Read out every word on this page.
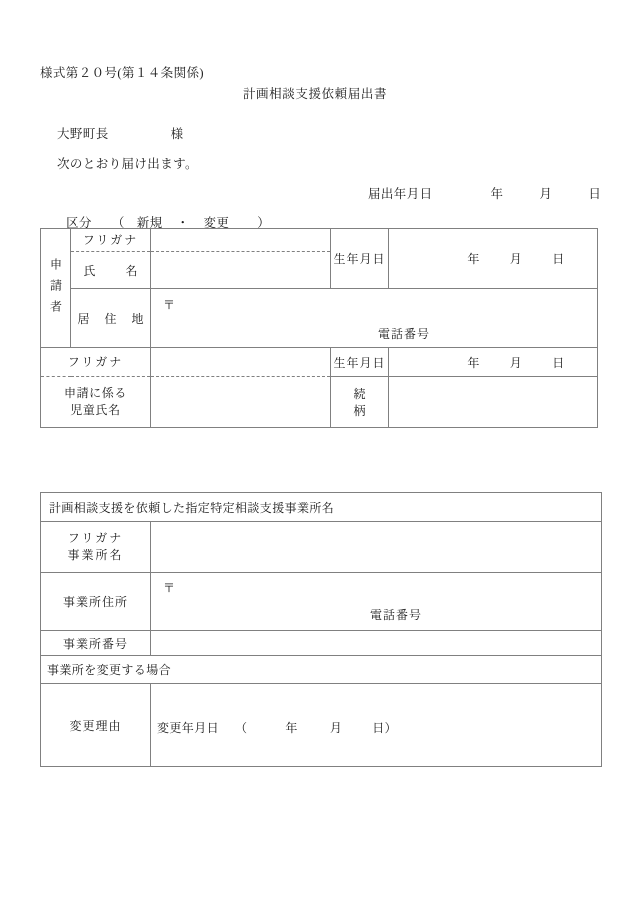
様式第２０号(第１４条関係)
計画相談支援依頼届出書
大野町長	様
次のとおり届け出ます。
届出年月日	年	月	日
区分 （ 新規 ・ 変更 ）
申請者	フリガナ		生年月日	年 月 日

	氏　名			

	居 住 地	〒
電話番号		

フリガナ			生年月日	年 月 日

申請に係る
児童氏名			続　柄	

計画相談支援を依頼した指定特定相談支援事業所名	

フリガナ
事業所名	

事業所住所	〒
電話番号

事業所番号	

事業所を変更する場合	

変更理由	変更年月日 （ 年 月 日）
